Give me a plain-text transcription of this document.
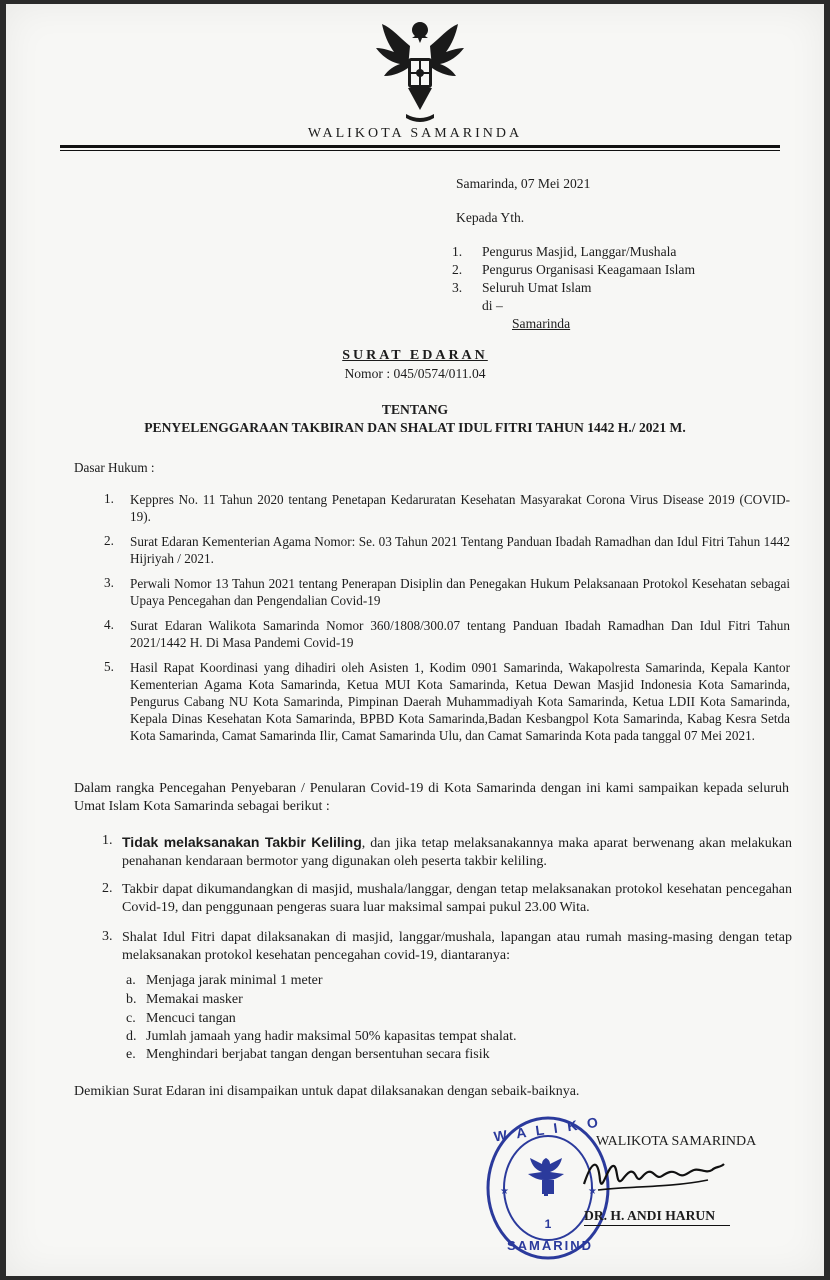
WALIKOTA SAMARINDA
Samarinda, 07 Mei 2021
Kepada Yth.
1. Pengurus Masjid, Langgar/Mushala
2. Pengurus Organisasi Keagamaan Islam
3. Seluruh Umat Islam
di –
Samarinda
SURAT EDARAN
Nomor : 045/0574/011.04
TENTANG
PENYELENGGARAAN TAKBIRAN DAN SHALAT IDUL FITRI TAHUN 1442 H./ 2021 M.
Dasar Hukum :
1. Keppres No. 11 Tahun 2020 tentang Penetapan Kedaruratan Kesehatan Masyarakat Corona Virus Disease 2019 (COVID-19).
2. Surat Edaran Kementerian Agama Nomor: Se. 03 Tahun 2021 Tentang Panduan Ibadah Ramadhan dan Idul Fitri Tahun 1442 Hijriyah / 2021.
3. Perwali Nomor 13 Tahun 2021 tentang Penerapan Disiplin dan Penegakan Hukum Pelaksanaan Protokol Kesehatan sebagai Upaya Pencegahan dan Pengendalian Covid-19
4. Surat Edaran Walikota Samarinda Nomor 360/1808/300.07 tentang Panduan Ibadah Ramadhan Dan Idul Fitri Tahun 2021/1442 H. Di Masa Pandemi Covid-19
5. Hasil Rapat Koordinasi yang dihadiri oleh Asisten 1, Kodim 0901 Samarinda, Wakapolresta Samarinda, Kepala Kantor Kementerian Agama Kota Samarinda, Ketua MUI Kota Samarinda, Ketua Dewan Masjid Indonesia Kota Samarinda, Pengurus Cabang NU Kota Samarinda, Pimpinan Daerah Muhammadiyah Kota Samarinda, Ketua LDII Kota Samarinda, Kepala Dinas Kesehatan Kota Samarinda, BPBD Kota Samarinda,Badan Kesbangpol Kota Samarinda, Kabag Kesra Setda Kota Samarinda, Camat Samarinda Ilir, Camat Samarinda Ulu, dan Camat Samarinda Kota pada tanggal 07 Mei 2021.
Dalam rangka Pencegahan Penyebaran / Penularan Covid-19 di Kota Samarinda dengan ini kami sampaikan kepada seluruh Umat Islam Kota Samarinda sebagai berikut :
1. Tidak melaksanakan Takbir Keliling, dan jika tetap melaksanakannya maka aparat berwenang akan melakukan penahanan kendaraan bermotor yang digunakan oleh peserta takbir keliling.
2. Takbir dapat dikumandangkan di masjid, mushala/langgar, dengan tetap melaksanakan protokol kesehatan pencegahan Covid-19, dan penggunaan pengeras suara luar maksimal sampai pukul 23.00 Wita.
3. Shalat Idul Fitri dapat dilaksanakan di masjid, langgar/mushala, lapangan atau rumah masing-masing dengan tetap melaksanakan protokol kesehatan pencegahan covid-19, diantaranya:
a. Menjaga jarak minimal 1 meter
b. Memakai masker
c. Mencuci tangan
d. Jumlah jamaah yang hadir maksimal 50% kapasitas tempat shalat.
e. Menghindari berjabat tangan dengan bersentuhan secara fisik
Demikian Surat Edaran ini disampaikan untuk dapat dilaksanakan dengan sebaik-baiknya.
W A L I K O
SAMARIND
1
★	★
WALIKOTA SAMARINDA
DR. H. ANDI HARUN
